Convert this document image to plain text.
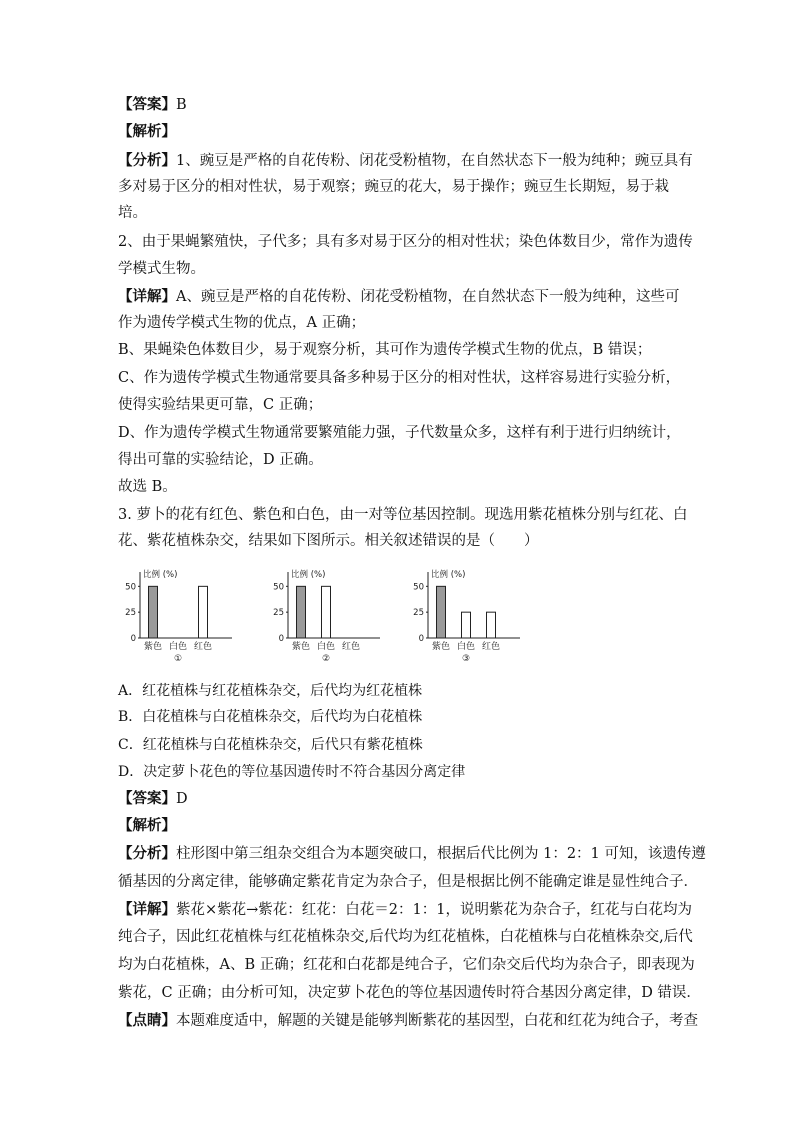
【答案】B
【解析】
【分析】1、豌豆是严格的自花传粉、闭花受粉植物，在自然状态下一般为纯种；豌豆具有
多对易于区分的相对性状，易于观察；豌豆的花大，易于操作；豌豆生长期短，易于栽
培。
2、由于果蝇繁殖快，子代多；具有多对易于区分的相对性状；染色体数目少，常作为遗传
学模式生物。
【详解】A、豌豆是严格的自花传粉、闭花受粉植物，在自然状态下一般为纯种，这些可
作为遗传学模式生物的优点，A 正确；
B、果蝇染色体数目少，易于观察分析，其可作为遗传学模式生物的优点，B 错误；
C、作为遗传学模式生物通常要具备多种易于区分的相对性状，这样容易进行实验分析，
使得实验结果更可靠，C 正确；
D、作为遗传学模式生物通常要繁殖能力强，子代数量众多，这样有利于进行归纳统计，
得出可靠的实验结论，D 正确。
故选 B。
3. 萝卜的花有红色、紫色和白色，由一对等位基因控制。现选用紫花植株分别与红花、白
花、紫花植株杂交，结果如下图所示。相关叙述错误的是（　　）
比例 (%)
0
25
50
紫色 白色 红色
①
比例 (%)
0
25
50
紫色 白色 红色
②
比例 (%)
0
25
50
紫色 白色 红色
③
A．红花植株与红花植株杂交，后代均为红花植株
B．白花植株与白花植株杂交，后代均为白花植株
C．红花植株与白花植株杂交，后代只有紫花植株
D．决定萝卜花色的等位基因遗传时不符合基因分离定律
【答案】D
【解析】
【分析】柱形图中第三组杂交组合为本题突破口，根据后代比例为 1：2：1 可知，该遗传遵
循基因的分离定律，能够确定紫花肯定为杂合子，但是根据比例不能确定谁是显性纯合子．
【详解】紫花×紫花→紫花：红花：白花＝2：1：1，说明紫花为杂合子，红花与白花均为
纯合子，因此红花植株与红花植株杂交,后代均为红花植株，白花植株与白花植株杂交,后代
均为白花植株，A、B 正确；红花和白花都是纯合子，它们杂交后代均为杂合子，即表现为
紫花，C 正确；由分析可知，决定萝卜花色的等位基因遗传时符合基因分离定律，D 错误．
【点睛】本题难度适中，解题的关键是能够判断紫花的基因型，白花和红花为纯合子，考查
